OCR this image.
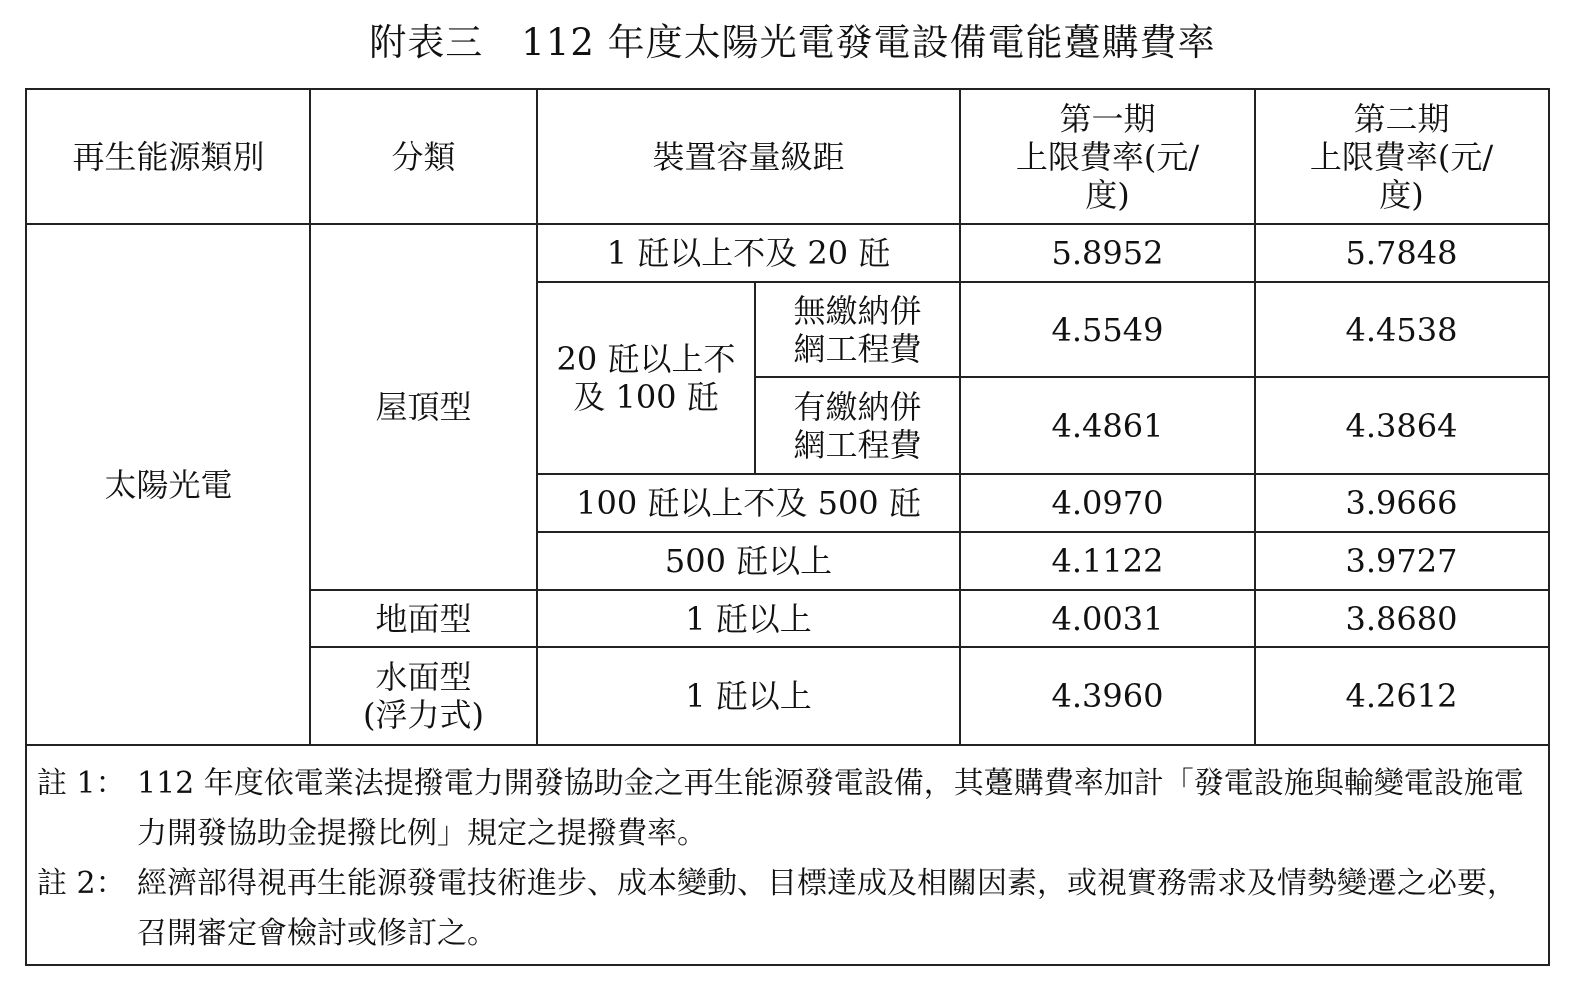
附表三　112 年度太陽光電發電設備電能躉購費率
再生能源類別	分類	裝置容量級距
第一期
上限費率(元/
度)
第二期
上限費率(元/
度)
太陽光電
屋頂型
地面型
水面型
(浮力式)
1 瓩以上不及 20 瓩
20 瓩以上不
及 100 瓩
無繳納併
網工程費
有繳納併
網工程費
100 瓩以上不及 500 瓩
500 瓩以上
1 瓩以上
1 瓩以上
5.8952
4.5549
4.4861
4.0970
4.1122
4.0031
4.3960
5.7848
4.4538
4.3864
3.9666
3.9727
3.8680
4.2612
註 1： 112 年度依電業法提撥電力開發協助金之再生能源發電設備，其躉購費率加計「發電設施與輸變電設施電力開發協助金提撥比例」規定之提撥費率。
註 2： 經濟部得視再生能源發電技術進步、成本變動、目標達成及相關因素，或視實務需求及情勢變遷之必要，召開審定會檢討或修訂之。
